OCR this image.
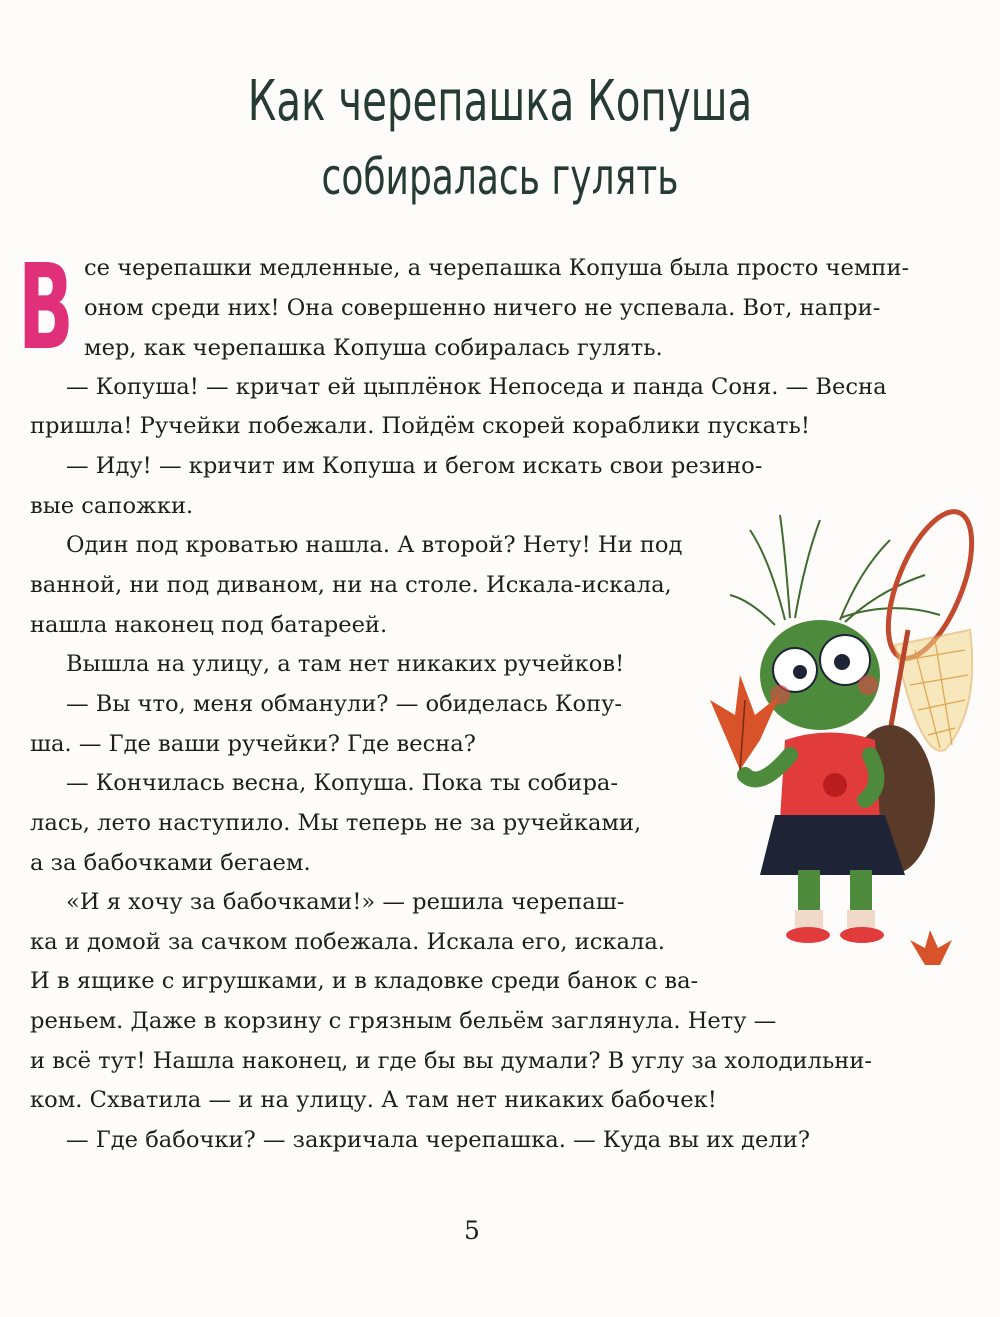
Как черепашка Копуша
собиралась гулять
В се черепашки медленные, а черепашка Копуша была просто чемпи-
оном среди них! Она совершенно ничего не успевала. Вот, напри-
мер, как черепашка Копуша собиралась гулять.
— Копуша! — кричат ей цыплёнок Непоседа и панда Соня. — Весна
пришла! Ручейки побежали. Пойдём скорей кораблики пускать!
— Иду! — кричит им Копуша и бегом искать свои резино-
вые сапожки.
Один под кроватью нашла. А второй? Нету! Ни под
ванной, ни под диваном, ни на столе. Искала-искала,
нашла наконец под батареей.
Вышла на улицу, а там нет никаких ручейков!
— Вы что, меня обманули? — обиделась Копу-
ша. — Где ваши ручейки? Где весна?
— Кончилась весна, Копуша. Пока ты собира-
лась, лето наступило. Мы теперь не за ручейками,
а за бабочками бегаем.
«И я хочу за бабочками!» — решила черепаш-
ка и домой за сачком побежала. Искала его, искала.
И в ящике с игрушками, и в кладовке среди банок с ва-
реньем. Даже в корзину с грязным бельём заглянула. Нету —
и всё тут! Нашла наконец, и где бы вы думали? В углу за холодильни-
ком. Схватила — и на улицу. А там нет никаких бабочек!
— Где бабочки? — закричала черепашка. — Куда вы их дели?
5
